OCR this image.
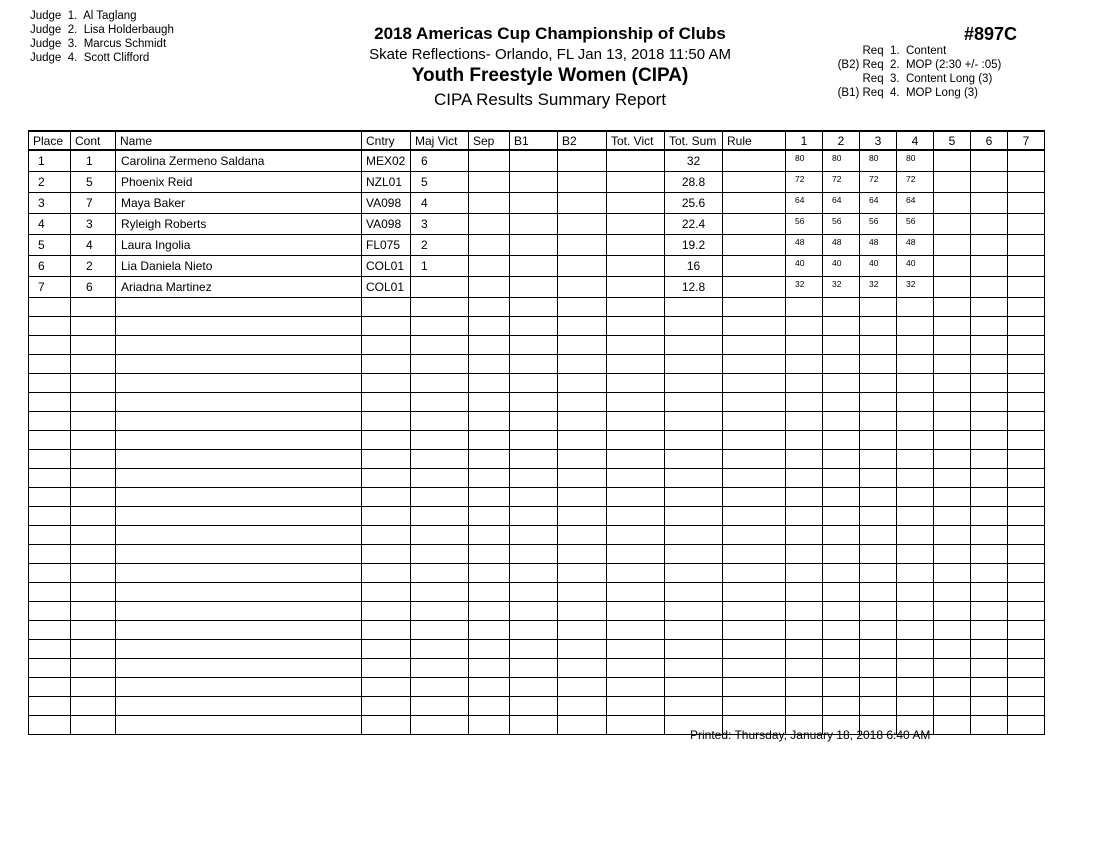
Judge  1.  Al Taglang
Judge  2.  Lisa Holderbaugh
Judge  3.  Marcus Schmidt
Judge  4.  Scott Clifford
2018 Americas Cup Championship of Clubs
Skate Reflections- Orlando, FL Jan 13, 2018 11:50 AM
Youth Freestyle Women (CIPA)
CIPA Results Summary Report
#897C
Req 1.  Content
(B2) Req 2.  MOP (2:30 +/- :05)
Req 3.  Content Long (3)
(B1) Req 4.  MOP Long (3)
Place	Cont	Name	Cntry	Maj Vict	Sep	B1	B2	Tot. Vict	Tot. Sum	Rule	1	2	3	4	5	6	7
1	1	Carolina Zermeno Saldana	MEX02	6					32		80	80	80	80			
2	5	Phoenix Reid	NZL01	5					28.8		72	72	72	72			
3	7	Maya Baker	VA098	4					25.6		64	64	64	64			
4	3	Ryleigh Roberts	VA098	3					22.4		56	56	56	56			
5	4	Laura Ingolia	FL075	2					19.2		48	48	48	48			
6	2	Lia Daniela Nieto	COL01	1					16		40	40	40	40			
7	6	Ariadna Martinez	COL01						12.8		32	32	32	32			

Printed: Thursday, January 18, 2018 6:40 AM
